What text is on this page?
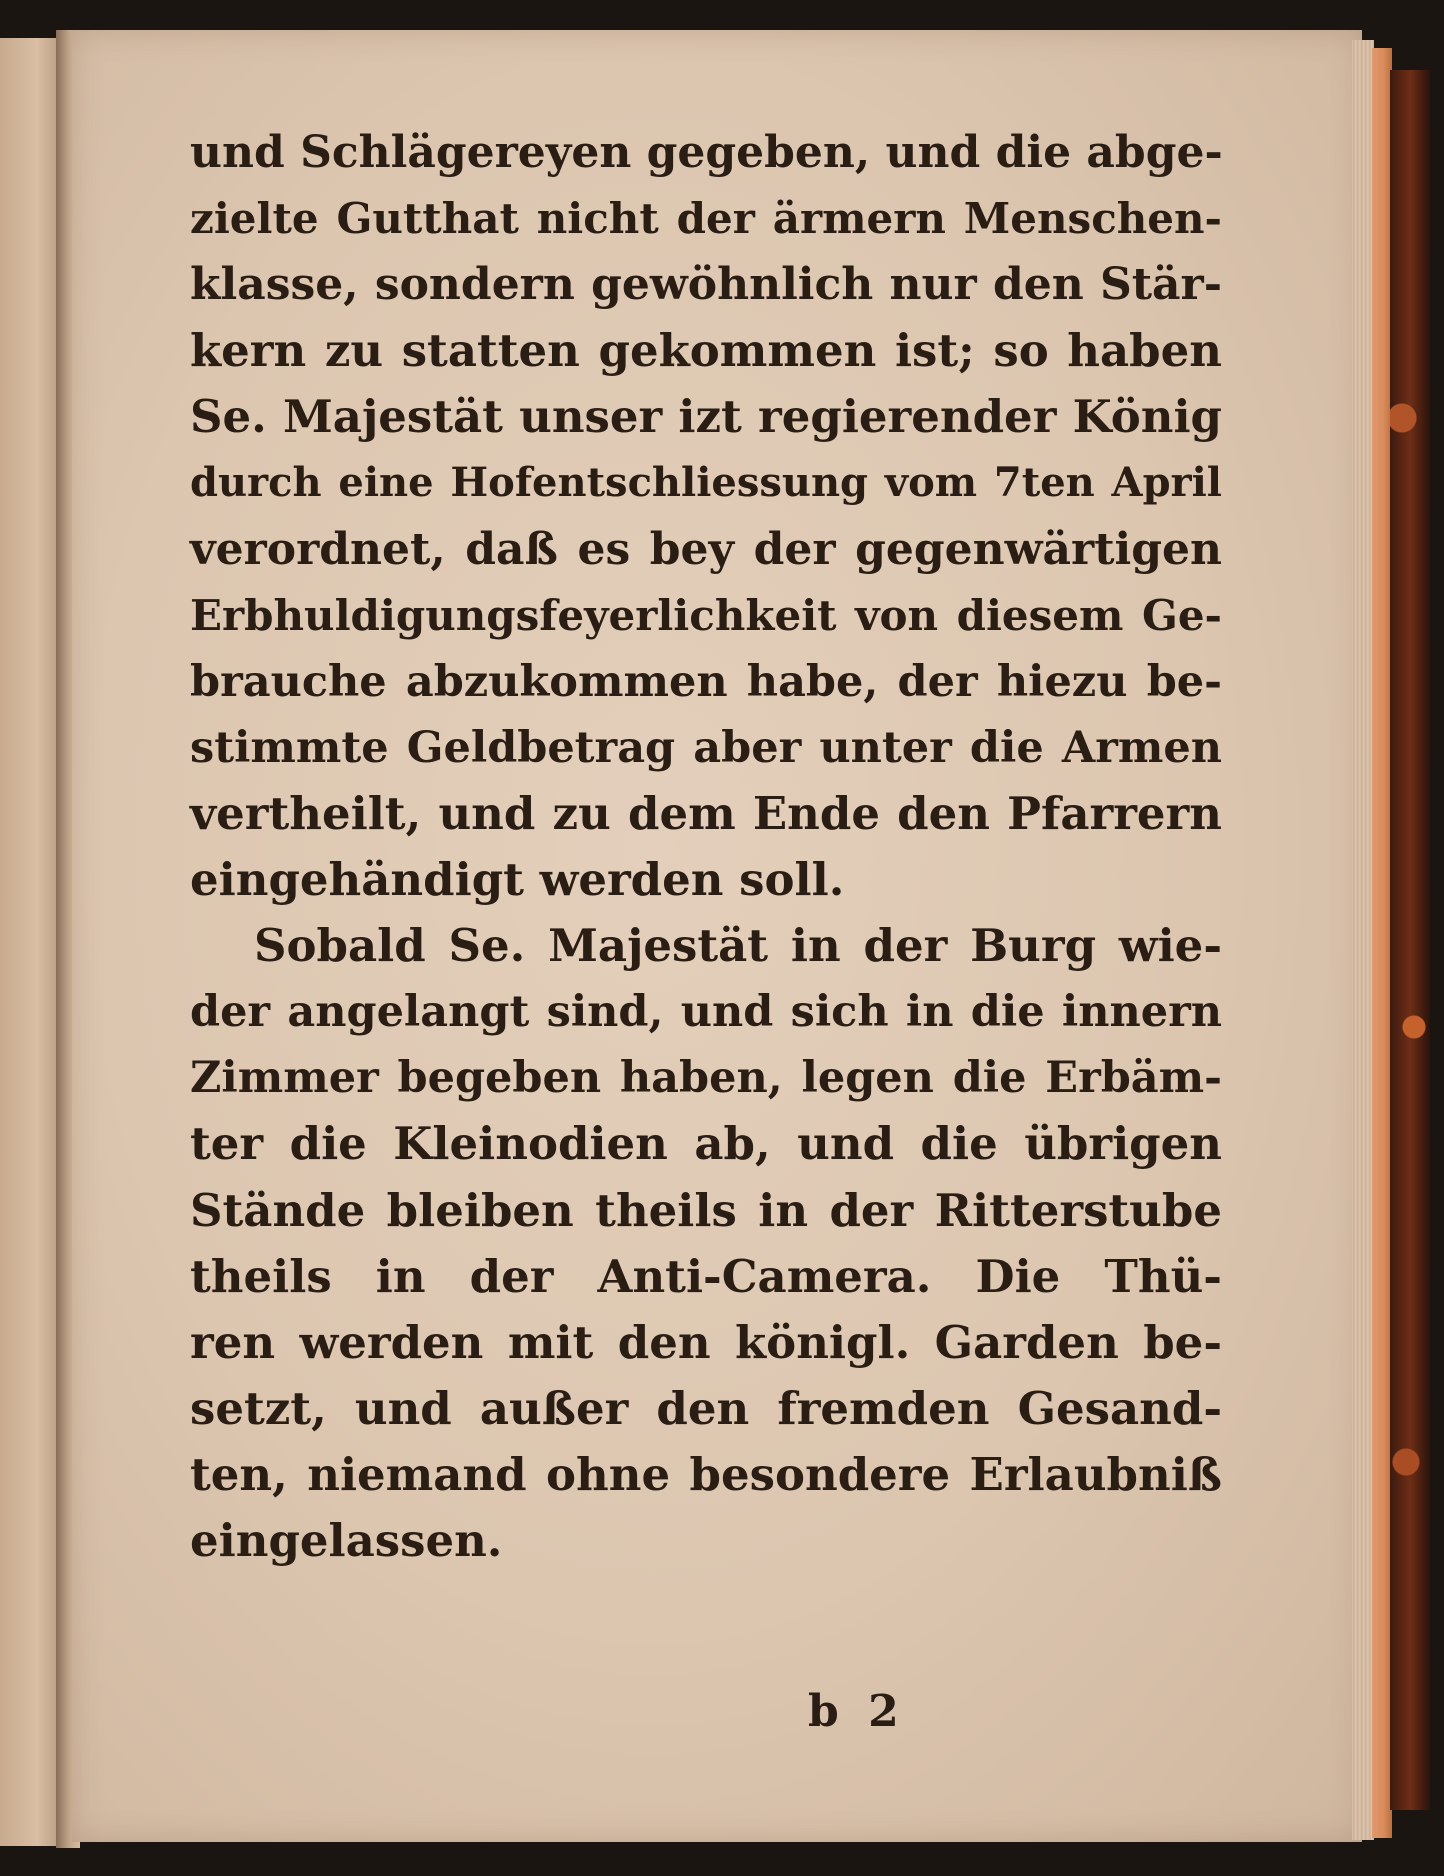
und Schlägereyen gegeben, und die abge-
zielte Gutthat nicht der ärmern Menschen-
klasse, sondern gewöhnlich nur den Stär-
kern zu statten gekommen ist; so haben
Se. Majestät unser izt regierender König
durch eine Hofentschliessung vom 7ten April
verordnet, daß es bey der gegenwärtigen
Erbhuldigungsfeyerlichkeit von diesem Ge-
brauche abzukommen habe, der hiezu be-
stimmte Geldbetrag aber unter die Armen
vertheilt, und zu dem Ende den Pfarrern
eingehändigt werden soll.
Sobald Se. Majestät in der Burg wie-
der angelangt sind, und sich in die innern
Zimmer begeben haben, legen die Erbäm-
ter die Kleinodien ab, und die übrigen
Stände bleiben theils in der Ritterstube
theils in der Anti-Camera. Die Thü-
ren werden mit den königl. Garden be-
setzt, und außer den fremden Gesand-
ten, niemand ohne besondere Erlaubniß
eingelassen.
b 2
